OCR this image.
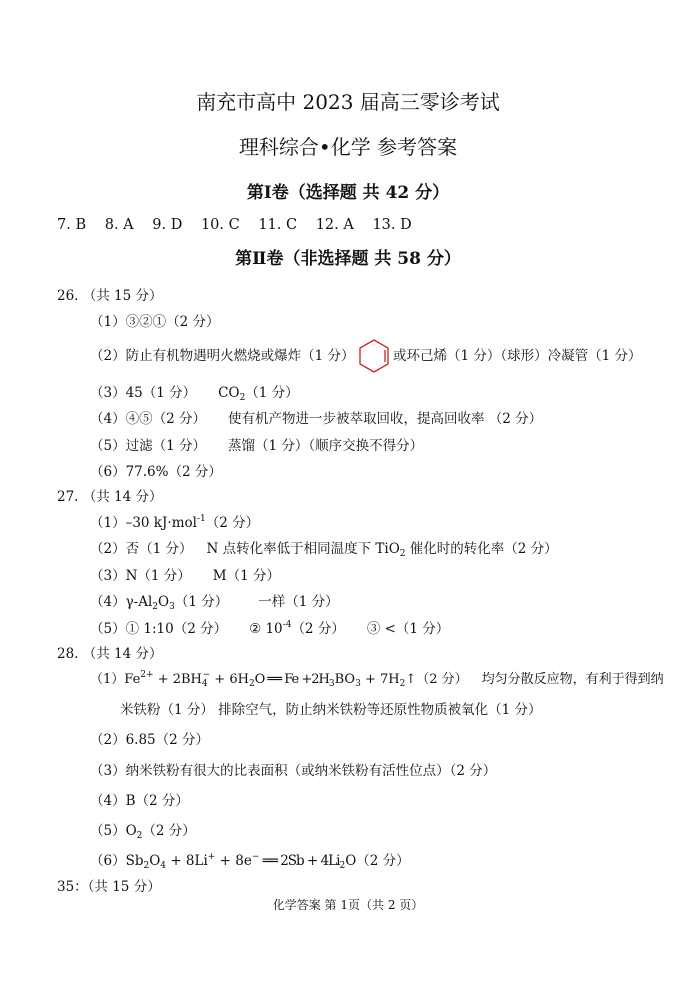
南充市高中 2023 届高三零诊考试
理科综合•化学 参考答案
第Ⅰ卷（选择题 共 42 分）
7. B 8. A 9. D 10. C 11. C 12. A 13. D
第Ⅱ卷（非选择题 共 58 分）
26. （共 15 分）
（1）③②①（2 分）
（2）防止有机物遇明火燃烧或爆炸（1 分）	或环己烯（1 分）（球形）冷凝管（1 分）
（3）45（1 分） $CO_2(1$ 分）
（4）④⑤（2 分） 使有机产物进一步被萃取回收，提高回收率 （2 分）
（5）过滤（1 分） 蒸馏（1 分）（顺序交换不得分）
（6）77.6%（2 分）
27. （共 14 分）
（1）–30 kJ·mol$^{-1}$（2 分）
（2）否（1 分） N 点转化率低于相同温度下 TiO$_2$ 催化时的转化率（2 分）
（3）N（1 分） M（1 分）
$(4)\gamma-Al_2O_3(1$ 分） 一样（1 分）
（5）① 1:10（2 分） ② $10^{-4}(2$ 分） ③ <（1 分）
28. （共 14 分）
$(1)Fe^{2+} + 2BH_4^- + 6H_2O$ ══ $Fe +2H_3BO_3$ + $7H_2↑(2$ 分） 均匀分散反应物，有利于得到纳
米铁粉（1 分） 排除空气，防止纳米铁粉等还原性物质被氧化（1 分）
（2）6.85（2 分）
（3）纳米铁粉有很大的比表面积（或纳米铁粉有活性位点）（2 分）
（4）B（2 分）
$(5)O_2(2$ 分）
$(6)Sb_2O_4 + 8Li^+ + 8e^-$ ══ $2Sb + 4Li_2O(2$ 分）
35：（共 15 分）
化学答案 第 1页（共 2 页）
